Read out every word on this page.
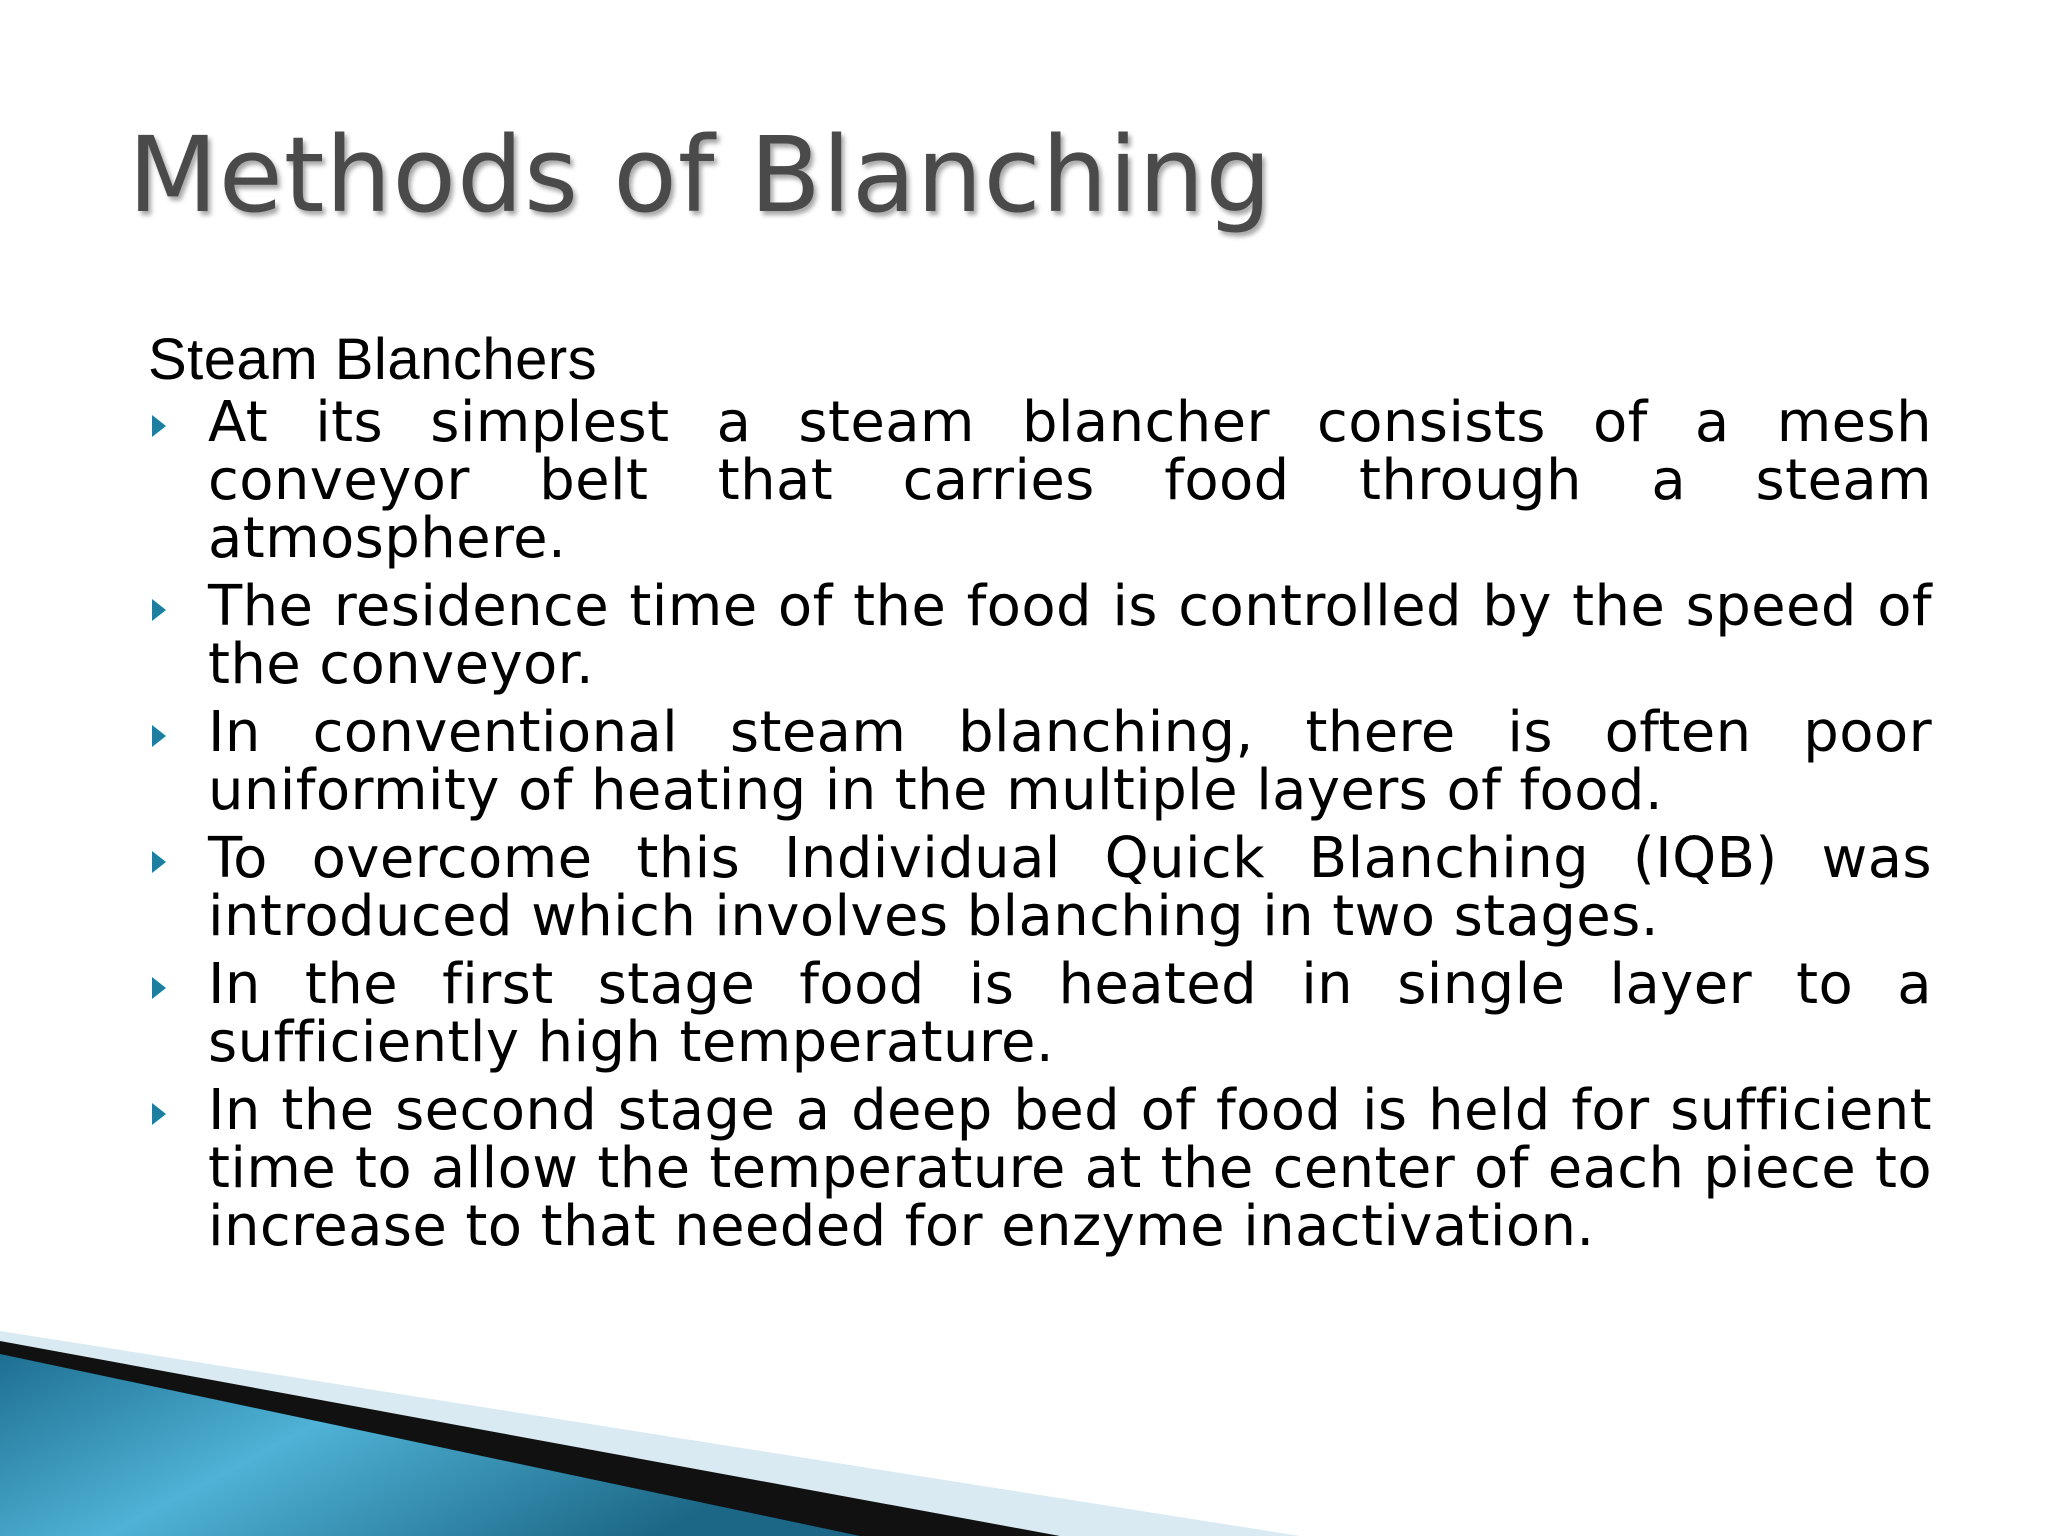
Methods of Blanching
Steam Blanchers
At its simplest a steam blancher consists of a mesh conveyor belt that carries food through a steam atmosphere.
The residence time of the food is controlled by the speed of the conveyor.
In conventional steam blanching, there is often poor uniformity of heating in the multiple layers of food.
To overcome this Individual Quick Blanching (IQB) was introduced which involves blanching in two stages.
In the first stage food is heated in single layer to a sufficiently high temperature.
In the second stage a deep bed of food is held for sufficient time to allow the temperature at the center of each piece to increase to that needed for enzyme inactivation.
